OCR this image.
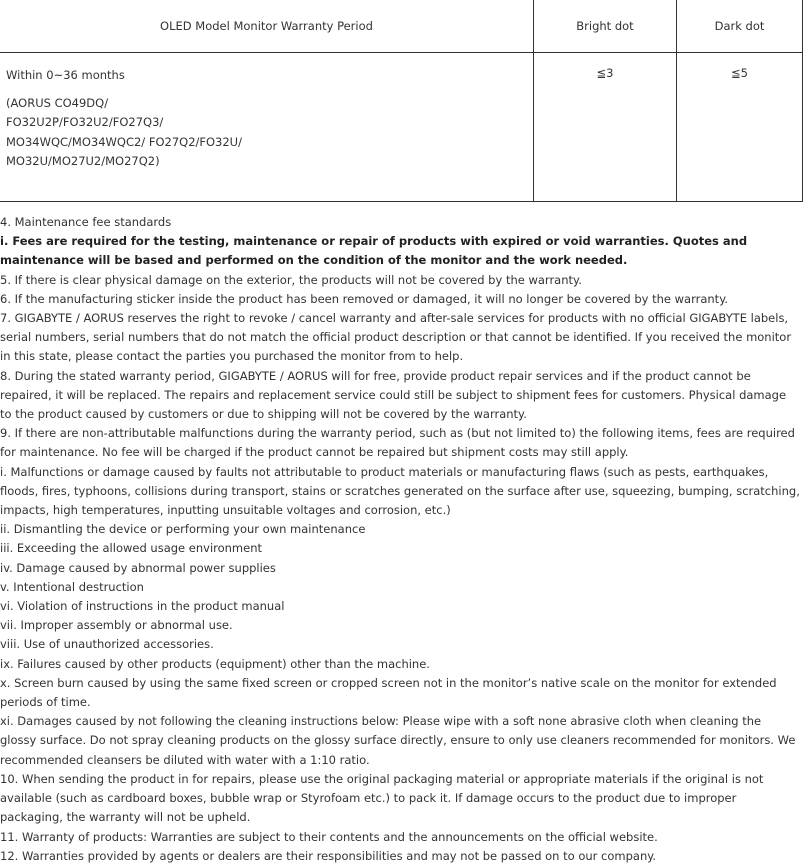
OLED Model Monitor Warranty Period	Bright dot	Dark dot

Within 0~36 months
(AORUS CO49DQ/
FO32U2P/FO32U2/FO27Q3/
MO34WQC/MO34WQC2/ FO27Q2/FO32U/
MO32U/MO27U2/MO27Q2)	≦3	≦5

4. Maintenance fee standards

i. Fees are required for the testing, maintenance or repair of products with expired or void warranties. Quotes and maintenance will be based and performed on the condition of the monitor and the work needed.

5. If there is clear physical damage on the exterior, the products will not be covered by the warranty.

6. If the manufacturing sticker inside the product has been removed or damaged, it will no longer be covered by the warranty.

7. GIGABYTE / AORUS reserves the right to revoke / cancel warranty and after-sale services for products with no official GIGABYTE labels, serial numbers, serial numbers that do not match the official product description or that cannot be identified. If you received the monitor in this state, please contact the parties you purchased the monitor from to help.

8. During the stated warranty period, GIGABYTE / AORUS will for free, provide product repair services and if the product cannot be repaired, it will be replaced. The repairs and replacement service could still be subject to shipment fees for customers. Physical damage to the product caused by customers or due to shipping will not be covered by the warranty.

9. If there are non-attributable malfunctions during the warranty period, such as (but not limited to) the following items, fees are required for maintenance. No fee will be charged if the product cannot be repaired but shipment costs may still apply.

i. Malfunctions or damage caused by faults not attributable to product materials or manufacturing flaws (such as pests, earthquakes, floods, fires, typhoons, collisions during transport, stains or scratches generated on the surface after use, squeezing, bumping, scratching, impacts, high temperatures, inputting unsuitable voltages and corrosion, etc.)

ii. Dismantling the device or performing your own maintenance

iii. Exceeding the allowed usage environment

iv. Damage caused by abnormal power supplies

v. Intentional destruction

vi. Violation of instructions in the product manual

vii. Improper assembly or abnormal use.

viii. Use of unauthorized accessories.

ix. Failures caused by other products (equipment) other than the machine.

x. Screen burn caused by using the same fixed screen or cropped screen not in the monitor’s native scale on the monitor for extended periods of time.

xi. Damages caused by not following the cleaning instructions below: Please wipe with a soft none abrasive cloth when cleaning the glossy surface. Do not spray cleaning products on the glossy surface directly, ensure to only use cleaners recommended for monitors. We recommended cleansers be diluted with water with a 1:10 ratio.

10. When sending the product in for repairs, please use the original packaging material or appropriate materials if the original is not available (such as cardboard boxes, bubble wrap or Styrofoam etc.) to pack it. If damage occurs to the product due to improper packaging, the warranty will not be upheld.

11. Warranty of products: Warranties are subject to their contents and the announcements on the official website.

12. Warranties provided by agents or dealers are their responsibilities and may not be passed on to our company.
